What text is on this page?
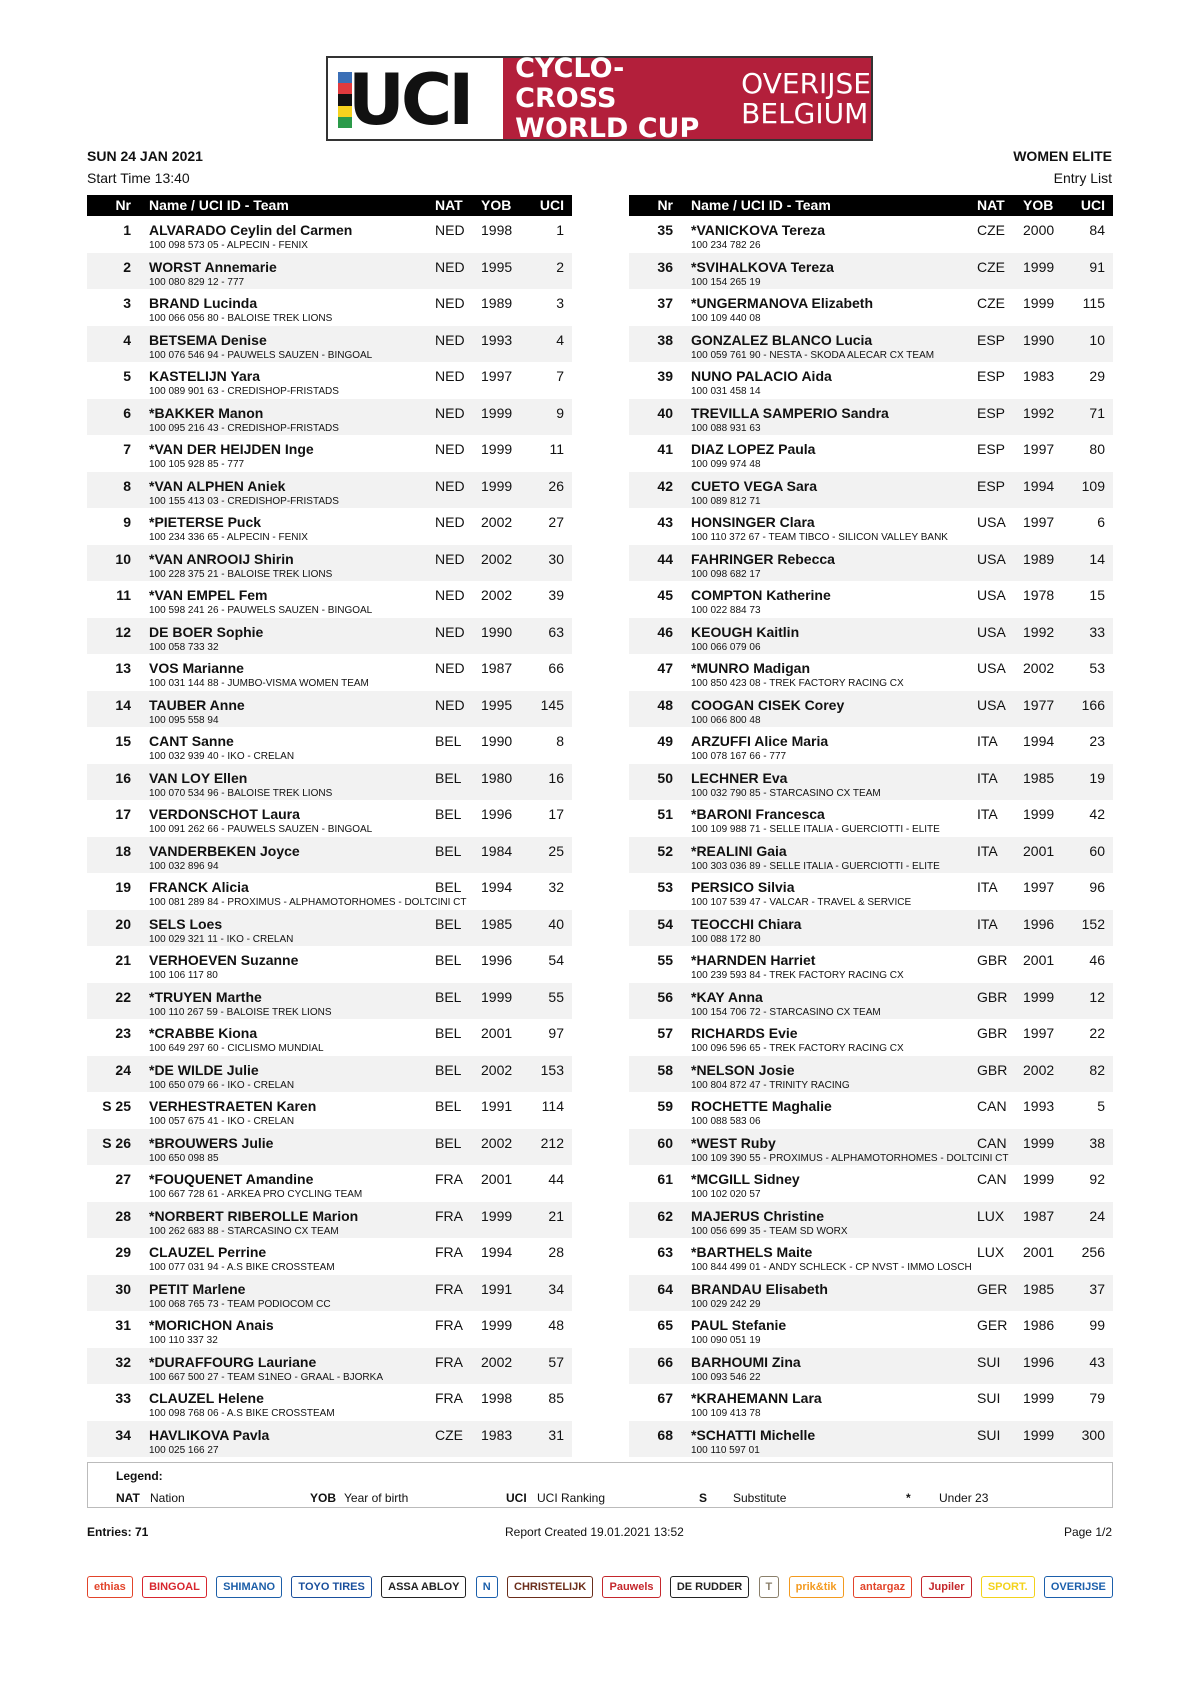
UCI CYCLO-CROSS
WORLD CUP
OVERIJSE
BELGIUM
SUN 24 JAN 2021
Start Time 13:40
WOMEN ELITE
Entry List
Nr Name / UCI ID - Team	NAT YOB UCI
1 ALVARADO Ceylin del Carmen
100 098 573 05 - ALPECIN - FENIX
NED 1998	1
2 WORST Annemarie
100 080 829 12 - 777
NED 1995	2
3 BRAND Lucinda
100 066 056 80 - BALOISE TREK LIONS
NED 1989	3
4 BETSEMA Denise
100 076 546 94 - PAUWELS SAUZEN - BINGOAL
NED 1993	4
5 KASTELIJN Yara
100 089 901 63 - CREDISHOP-FRISTADS
NED 1997	7
6 *BAKKER Manon
100 095 216 43 - CREDISHOP-FRISTADS
NED 1999	9
7 *VAN DER HEIJDEN Inge
100 105 928 85 - 777
NED 1999	11
8 *VAN ALPHEN Aniek
100 155 413 03 - CREDISHOP-FRISTADS
NED 1999	26
9 *PIETERSE Puck
100 234 336 65 - ALPECIN - FENIX
NED 2002	27
10 *VAN ANROOIJ Shirin
100 228 375 21 - BALOISE TREK LIONS
NED 2002	30
11 *VAN EMPEL Fem
100 598 241 26 - PAUWELS SAUZEN - BINGOAL
NED 2002	39
12 DE BOER Sophie
100 058 733 32
NED 1990	63
13 VOS Marianne
100 031 144 88 - JUMBO-VISMA WOMEN TEAM
NED 1987	66
14 TAUBER Anne
100 095 558 94
NED 1995 145
15 CANT Sanne
100 032 939 40 - IKO - CRELAN
BEL 1990	8
16 VAN LOY Ellen
100 070 534 96 - BALOISE TREK LIONS
BEL 1980	16
17 VERDONSCHOT Laura
100 091 262 66 - PAUWELS SAUZEN - BINGOAL
BEL 1996	17
18 VANDERBEKEN Joyce
100 032 896 94
BEL 1984	25
19 FRANCK Alicia
100 081 289 84 - PROXIMUS - ALPHAMOTORHOMES - DOLTCINI CT
BEL 1994	32
20 SELS Loes
100 029 321 11 - IKO - CRELAN
BEL 1985	40
21 VERHOEVEN Suzanne
100 106 117 80
BEL 1996	54
22 *TRUYEN Marthe
100 110 267 59 - BALOISE TREK LIONS
BEL 1999	55
23 *CRABBE Kiona
100 649 297 60 - CICLISMO MUNDIAL
BEL 2001	97
24 *DE WILDE Julie
100 650 079 66 - IKO - CRELAN
BEL 2002 153
S 25 VERHESTRAETEN Karen
100 057 675 41 - IKO - CRELAN
BEL 1991 114
S 26 *BROUWERS Julie
100 650 098 85
BEL 2002 212
27 *FOUQUENET Amandine
100 667 728 61 - ARKEA PRO CYCLING TEAM
FRA 2001	44
28 *NORBERT RIBEROLLE Marion
100 262 683 88 - STARCASINO CX TEAM
FRA 1999	21
29 CLAUZEL Perrine
100 077 031 94 - A.S BIKE CROSSTEAM
FRA 1994	28
30 PETIT Marlene
100 068 765 73 - TEAM PODIOCOM CC
FRA 1991	34
31 *MORICHON Anais
100 110 337 32
FRA 1999	48
32 *DURAFFOURG Lauriane
100 667 500 27 - TEAM S1NEO - GRAAL - BJORKA
FRA 2002	57
33 CLAUZEL Helene
100 098 768 06 - A.S BIKE CROSSTEAM
FRA 1998	85
34 HAVLIKOVA Pavla
100 025 166 27
CZE 1983	31
Nr Name / UCI ID - Team	NAT YOB UCI
35 *VANICKOVA Tereza
100 234 782 26
CZE 2000	84
36 *SVIHALKOVA Tereza
100 154 265 19
CZE 1999	91
37 *UNGERMANOVA Elizabeth
100 109 440 08
CZE 1999 115
38 GONZALEZ BLANCO Lucia
100 059 761 90 - NESTA - SKODA ALECAR CX TEAM
ESP 1990	10
39 NUNO PALACIO Aida
100 031 458 14
ESP 1983	29
40 TREVILLA SAMPERIO Sandra
100 088 931 63
ESP 1992	71
41 DIAZ LOPEZ Paula
100 099 974 48
ESP 1997	80
42 CUETO VEGA Sara
100 089 812 71
ESP 1994 109
43 HONSINGER Clara
100 110 372 67 - TEAM TIBCO - SILICON VALLEY BANK
USA 1997	6
44 FAHRINGER Rebecca
100 098 682 17
USA 1989	14
45 COMPTON Katherine
100 022 884 73
USA 1978	15
46 KEOUGH Kaitlin
100 066 079 06
USA 1992	33
47 *MUNRO Madigan
100 850 423 08 - TREK FACTORY RACING CX
USA 2002	53
48 COOGAN CISEK Corey
100 066 800 48
USA 1977 166
49 ARZUFFI Alice Maria
100 078 167 66 - 777
ITA 1994	23
50 LECHNER Eva
100 032 790 85 - STARCASINO CX TEAM
ITA 1985	19
51 *BARONI Francesca
100 109 988 71 - SELLE ITALIA - GUERCIOTTI - ELITE
ITA 1999	42
52 *REALINI Gaia
100 303 036 89 - SELLE ITALIA - GUERCIOTTI - ELITE
ITA 2001	60
53 PERSICO Silvia
100 107 539 47 - VALCAR - TRAVEL & SERVICE
ITA 1997	96
54 TEOCCHI Chiara
100 088 172 80
ITA 1996 152
55 *HARNDEN Harriet
100 239 593 84 - TREK FACTORY RACING CX
GBR 2001	46
56 *KAY Anna
100 154 706 72 - STARCASINO CX TEAM
GBR 1999	12
57 RICHARDS Evie
100 096 596 65 - TREK FACTORY RACING CX
GBR 1997	22
58 *NELSON Josie
100 804 872 47 - TRINITY RACING
GBR 2002	82
59 ROCHETTE Maghalie
100 088 583 06
CAN 1993	5
60 *WEST Ruby
100 109 390 55 - PROXIMUS - ALPHAMOTORHOMES - DOLTCINI CT
CAN 1999	38
61 *MCGILL Sidney
100 102 020 57
CAN 1999	92
62 MAJERUS Christine
100 056 699 35 - TEAM SD WORX
LUX 1987	24
63 *BARTHELS Maite
100 844 499 01 - ANDY SCHLECK - CP NVST - IMMO LOSCH
LUX 2001 256
64 BRANDAU Elisabeth
100 029 242 29
GER 1985	37
65 PAUL Stefanie
100 090 051 19
GER 1986	99
66 BARHOUMI Zina
100 093 546 22
SUI 1996	43
67 *KRAHEMANN Lara
100 109 413 78
SUI 1999	79
68 *SCHATTI Michelle
100 110 597 01
SUI 1999 300
Legend:
NAT Nation	YOB Year of birth	UCI UCI Ranking	S Substitute	* Under 23
Entries: 71	Report Created 19.01.2021 13:52	Page 1/2
ethias	BINGOAL	SHIMANO	TOYO TIRES	ASSA ABLOY	N	CHRISTELIJK	Pauwels	DE RUDDER	T	prik&tik	antargaz	Jupiler	SPORT.	OVERIJSE
